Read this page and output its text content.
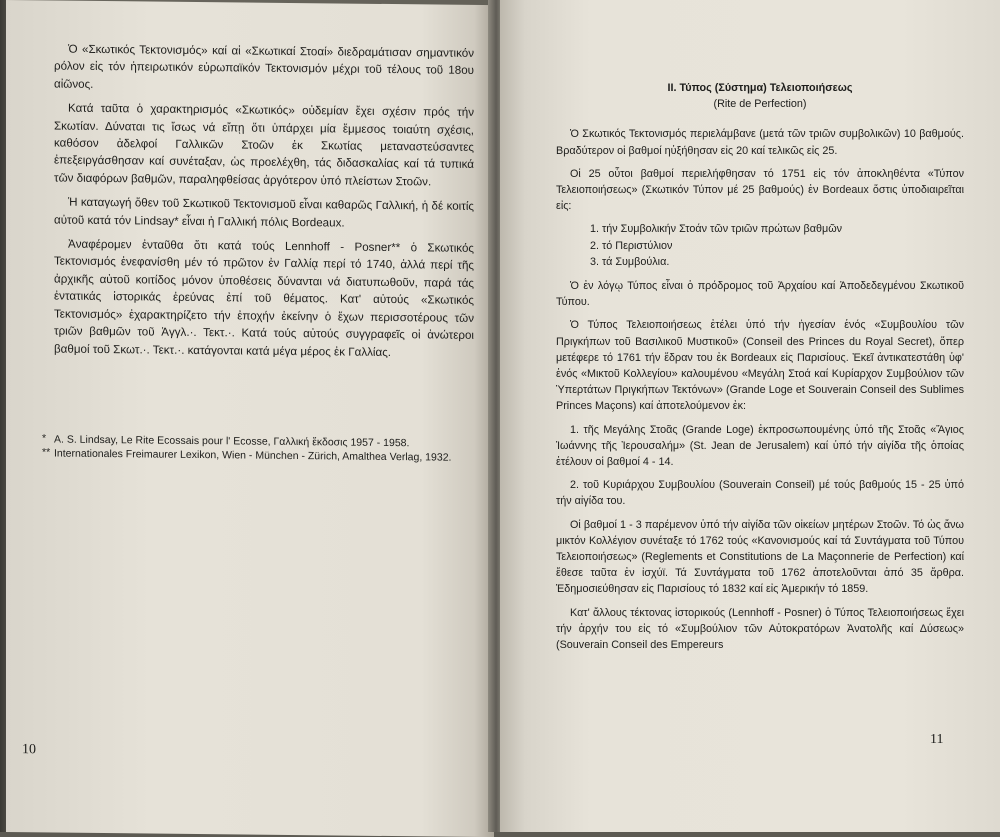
Ὁ «Σκωτικός Τεκτονισμός» καί αἱ «Σκωτικαί Στοαί» διεδραμάτισαν σημαντικόν ρόλον εἰς τόν ἠπειρωτικόν εὐρωπαϊκόν Τεκτονισμόν μέχρι τοῦ τέλους τοῦ 18ου αἰῶνος.

Κατά ταῦτα ὁ χαρακτηρισμός «Σκωτικός» οὐδεμίαν ἔχει σχέσιν πρός τήν Σκωτίαν. Δύναται τις ἴσως νά εἴπῃ ὅτι ὑπάρχει μία ἔμμεσος τοιαύτη σχέσις, καθόσον ἀδελφοί Γαλλικῶν Στοῶν ἐκ Σκωτίας μεταναστεύσαντες ἐπεξειργάσθησαν καί συνέταξαν, ὡς προελέχθη, τάς διδασκαλίας καί τά τυπικά τῶν διαφόρων βαθμῶν, παραληφθείσας ἀργότερον ὑπό πλείστων Στοῶν.

Ἡ καταγωγή ὅθεν τοῦ Σκωτικοῦ Τεκτονισμοῦ εἶναι καθαρῶς Γαλλική, ἡ δέ κοιτίς αὐτοῦ κατά τόν Lindsay* εἶναι ἡ Γαλλική πόλις Bordeaux.

Ἀναφέρομεν ἐνταῦθα ὅτι κατά τούς Lennhoff - Posner** ὁ Σκωτικός Τεκτονισμός ἐνεφανίσθη μέν τό πρῶτον ἐν Γαλλίᾳ περί τό 1740, ἀλλά περί τῆς ἀρχικῆς αὐτοῦ κοιτίδος μόνον ὑποθέσεις δύνανται νά διατυπωθοῦν, παρά τάς ἐντατικάς ἱστορικάς ἐρεύνας ἐπί τοῦ θέματος. Κατ' αὐτούς «Σκωτικός Τεκτονισμός» ἐχαρακτηρίζετο τήν ἐποχήν ἐκείνην ὁ ἔχων περισσοτέρους τῶν τριῶν βαθμῶν τοῦ Ἀγγλ.·. Τεκτ.·. Κατά τούς αὐτούς συγγραφεῖς οἱ ἀνώτεροι βαθμοί τοῦ Σκωτ.·. Τεκτ.·. κατάγονται κατά μέγα μέρος ἐκ Γαλλίας.

* A. S. Lindsay, Le Rite Ecossais pour l' Ecosse, Γαλλική ἔκδοσις 1957 - 1958.
** Internationales Freimaurer Lexikon, Wien - München - Zürich, Amalthea Verlag, 1932.
10

II. Τύπος (Σύστημα) Τελειοποιήσεως
(Rite de Perfection)

Ὁ Σκωτικός Τεκτονισμός περιελάμβανε (μετά τῶν τριῶν συμβολικῶν) 10 βαθμούς. Βραδύτερον οἱ βαθμοί ηὐξήθησαν εἰς 20 καί τελικῶς εἰς 25.

Οἱ 25 οὗτοι βαθμοί περιελήφθησαν τό 1751 εἰς τόν ἀποκληθέντα «Τύπον Τελειοποιήσεως» (Σκωτικόν Τύπον μέ 25 βαθμούς) ἐν Bordeaux ὅστις ὑποδιαιρεῖται εἰς:

1. τήν Συμβολικήν Στοάν τῶν τριῶν πρώτων βαθμῶν
2. τό Περιστύλιον
3. τά Συμβούλια.

Ὁ ἐν λόγῳ Τύπος εἶναι ὁ πρόδρομος τοῦ Ἀρχαίου καί Ἀποδεδεγμένου Σκωτικοῦ Τύπου.

Ὁ Τύπος Τελειοποιήσεως ἐτέλει ὑπό τήν ἡγεσίαν ἑνός «Συμβουλίου τῶν Πριγκήπων τοῦ Βασιλικοῦ Μυστικοῦ» (Conseil des Princes du Royal Secret), ὅπερ μετέφερε τό 1761 τήν ἕδραν του ἐκ Bordeaux εἰς Παρισίους. Ἐκεῖ ἀντικατεστάθη ὑφ' ἑνός «Μικτοῦ Κολλεγίου» καλουμένου «Μεγάλη Στοά καί Κυρίαρχον Συμβούλιον τῶν Ὑπερτάτων Πριγκήπων Τεκτόνων» (Grande Loge et Souverain Conseil des Sublimes Princes Maçons) καί ἀποτελούμενον ἐκ:

1. τῆς Μεγάλης Στοᾶς (Grande Loge) ἐκπροσωπουμένης ὑπό τῆς Στοᾶς «Ἅγιος Ἰωάννης τῆς Ἱερουσαλήμ» (St. Jean de Jerusalem) καί ὑπό τήν αἰγίδα τῆς ὁποίας ἐτέλουν οἱ βαθμοί 4 - 14.

2. τοῦ Κυριάρχου Συμβουλίου (Souverain Conseil) μέ τούς βαθμούς 15 - 25 ὑπό τήν αἰγίδα του.

Οἱ βαθμοί 1 - 3 παρέμενον ὑπό τήν αἰγίδα τῶν οἰκείων μητέρων Στοῶν. Τό ὡς ἄνω μικτόν Κολλέγιον συνέταξε τό 1762 τούς «Κανονισμούς καί τά Συντάγματα τοῦ Τύπου Τελειοποιήσεως» (Reglements et Constitutions de La Maçonnerie de Perfection) καί ἔθεσε ταῦτα ἐν ἰσχύϊ. Τά Συντάγματα τοῦ 1762 ἀποτελοῦνται ἀπό 35 ἄρθρα. Ἐδημοσιεύθησαν εἰς Παρισίους τό 1832 καί εἰς Ἀμερικήν τό 1859.

Κατ' ἄλλους τέκτονας ἱστορικούς (Lennhoff - Posner) ὁ Τύπος Τελειοποιήσεως ἔχει τήν ἀρχήν του εἰς τό «Συμβούλιον τῶν Αὐτοκρατόρων Ἀνατολῆς καί Δύσεως» (Souverain Conseil des Empereurs

11
